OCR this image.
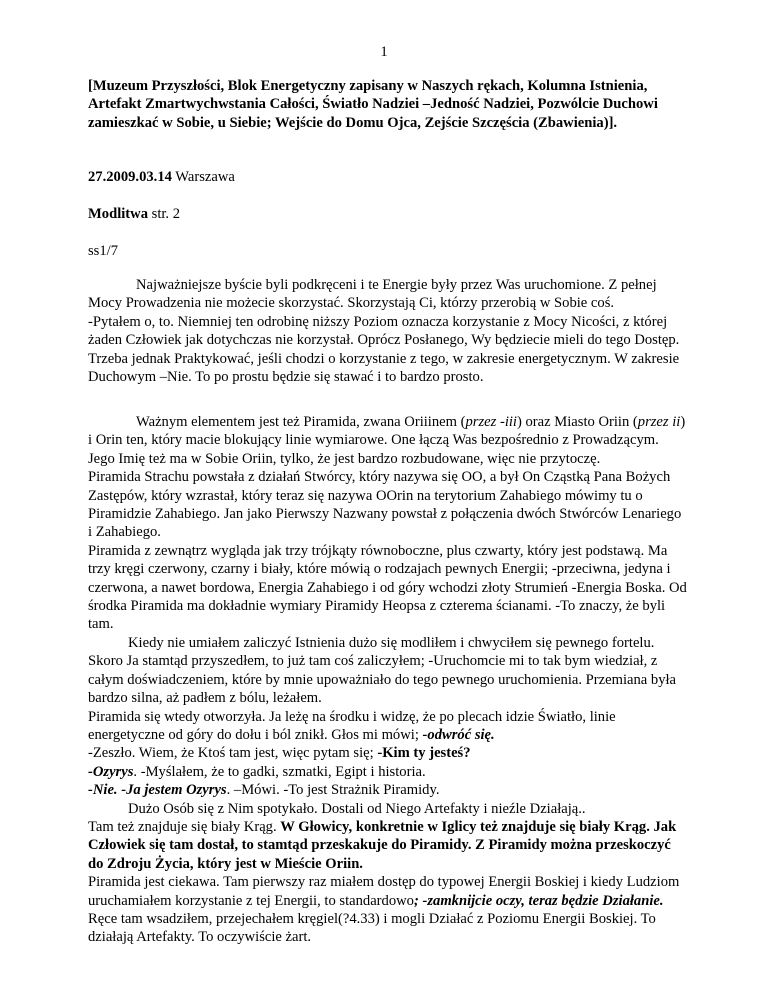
1

[Muzeum Przyszłości, Blok Energetyczny zapisany w Naszych rękach, Kolumna Istnienia, Artefakt Zmartwychwstania Całości, Światło Nadziei –Jedność Nadziei, Pozwólcie Duchowi zamieszkać w Sobie, u Siebie; Wejście do Domu Ojca, Zejście Szczęścia (Zbawienia)].

27.2009.03.14 Warszawa

Modlitwa str. 2

ss1/7

Najważniejsze byście byli podkręceni i te Energie były przez Was uruchomione. Z pełnej Mocy Prowadzenia nie możecie skorzystać. Skorzystają Ci, którzy przerobią w Sobie coś.

-Pytałem o, to. Niemniej ten odrobinę niższy Poziom oznacza korzystanie z Mocy Nicości, z której żaden Człowiek jak dotychczas nie korzystał. Oprócz Posłanego, Wy będziecie mieli do tego Dostęp. Trzeba jednak Praktykować, jeśli chodzi o korzystanie z tego, w zakresie energetycznym. W zakresie Duchowym –Nie. To po prostu będzie się stawać i to bardzo prosto.

Ważnym elementem jest też Piramida, zwana Oriiinem (przez -iii) oraz Miasto Oriin (przez ii) i Orin ten, który macie blokujący linie wymiarowe. One łączą Was bezpośrednio z Prowadzącym.

Jego Imię też ma w Sobie Oriin, tylko, że jest bardzo rozbudowane, więc nie przytoczę.

Piramida Strachu powstała z działań Stwórcy, który nazywa się OO, a był On Cząstką Pana Bożych Zastępów, który wzrastał, który teraz się nazywa OOrin na terytorium Zahabiego mówimy tu o Piramidzie Zahabiego. Jan jako Pierwszy Nazwany powstał z połączenia dwóch Stwórców Lenariego i Zahabiego.

Piramida z zewnątrz wygląda jak trzy trójkąty równoboczne, plus czwarty, który jest podstawą. Ma trzy kręgi czerwony, czarny i biały, które mówią o rodzajach pewnych Energii; -przeciwna, jedyna i czerwona, a nawet bordowa, Energia Zahabiego i od góry wchodzi złoty Strumień -Energia Boska. Od środka Piramida ma dokładnie wymiary Piramidy Heopsa z czterema ścianami. -To znaczy, że byli tam.

Kiedy nie umiałem zaliczyć Istnienia dużo się modliłem i chwyciłem się pewnego fortelu. Skoro Ja stamtąd przyszedłem, to już tam coś zaliczyłem; -Uruchomcie mi to tak bym wiedział, z całym doświadczeniem, które by mnie upoważniało do tego pewnego uruchomienia. Przemiana była bardzo silna, aż padłem z bólu, leżałem.

Piramida się wtedy otworzyła. Ja leżę na środku i widzę, że po plecach idzie Światło, linie energetyczne od góry do dołu i ból znikł. Głos mi mówi; -odwróć się.

-Zeszło. Wiem, że Ktoś tam jest, więc pytam się; -Kim ty jesteś?

-Ozyrys. -Myślałem, że to gadki, szmatki, Egipt i historia.

-Nie. -Ja jestem Ozyrys. –Mówi. -To jest Strażnik Piramidy.

Dużo Osób się z Nim spotykało. Dostali od Niego Artefakty i nieźle Działają..

Tam też znajduje się biały Krąg. W Głowicy, konkretnie w Iglicy też znajduje się biały Krąg. Jak Człowiek się tam dostał, to stamtąd przeskakuje do Piramidy. Z Piramidy można przeskoczyć do Zdroju Życia, który jest w Mieście Oriin.

Piramida jest ciekawa. Tam pierwszy raz miałem dostęp do typowej Energii Boskiej i kiedy Ludziom uruchamiałem korzystanie z tej Energii, to standardowo; -zamknijcie oczy, teraz będzie Działanie. Ręce tam wsadziłem, przejechałem kręgiel(?4.33) i mogli Działać z Poziomu Energii Boskiej. To działają Artefakty. To oczywiście żart.
